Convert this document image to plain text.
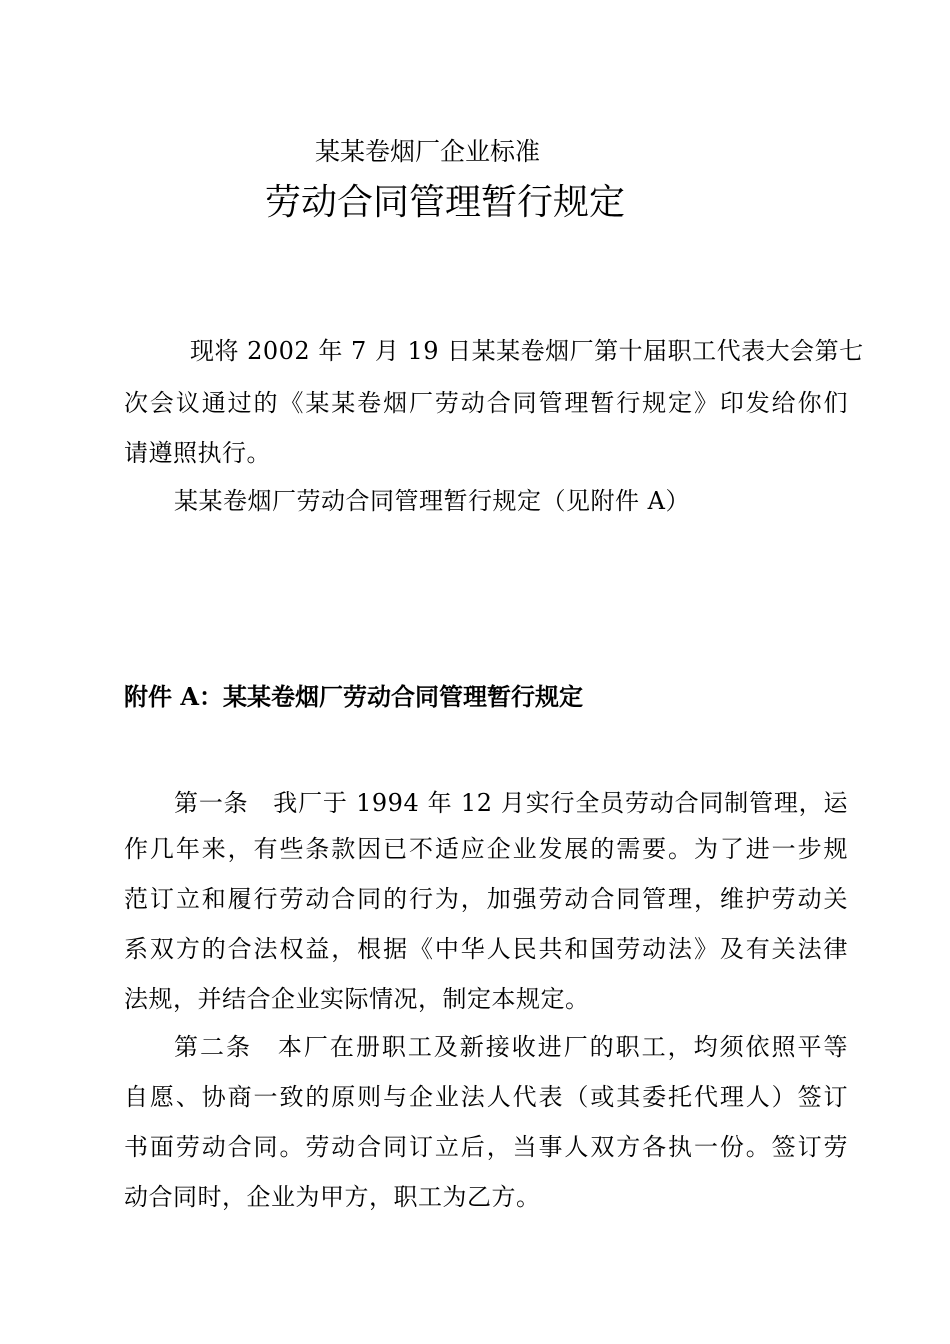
某某卷烟厂企业标准
劳动合同管理暂行规定
现将 2002 年 7 月 19 日某某卷烟厂第十届职工代表大会第七
次会议通过的《某某卷烟厂劳动合同管理暂行规定》印发给你们
请遵照执行。
某某卷烟厂劳动合同管理暂行规定（见附件 A）
附件 A：某某卷烟厂劳动合同管理暂行规定
第一条　我厂于 1994 年 12 月实行全员劳动合同制管理，运
作几年来，有些条款因已不适应企业发展的需要。为了进一步规
范订立和履行劳动合同的行为，加强劳动合同管理，维护劳动关
系双方的合法权益，根据《中华人民共和国劳动法》及有关法律
法规，并结合企业实际情况，制定本规定。
第二条　本厂在册职工及新接收进厂的职工，均须依照平等
自愿、协商一致的原则与企业法人代表（或其委托代理人）签订
书面劳动合同。劳动合同订立后，当事人双方各执一份。签订劳
动合同时，企业为甲方，职工为乙方。
